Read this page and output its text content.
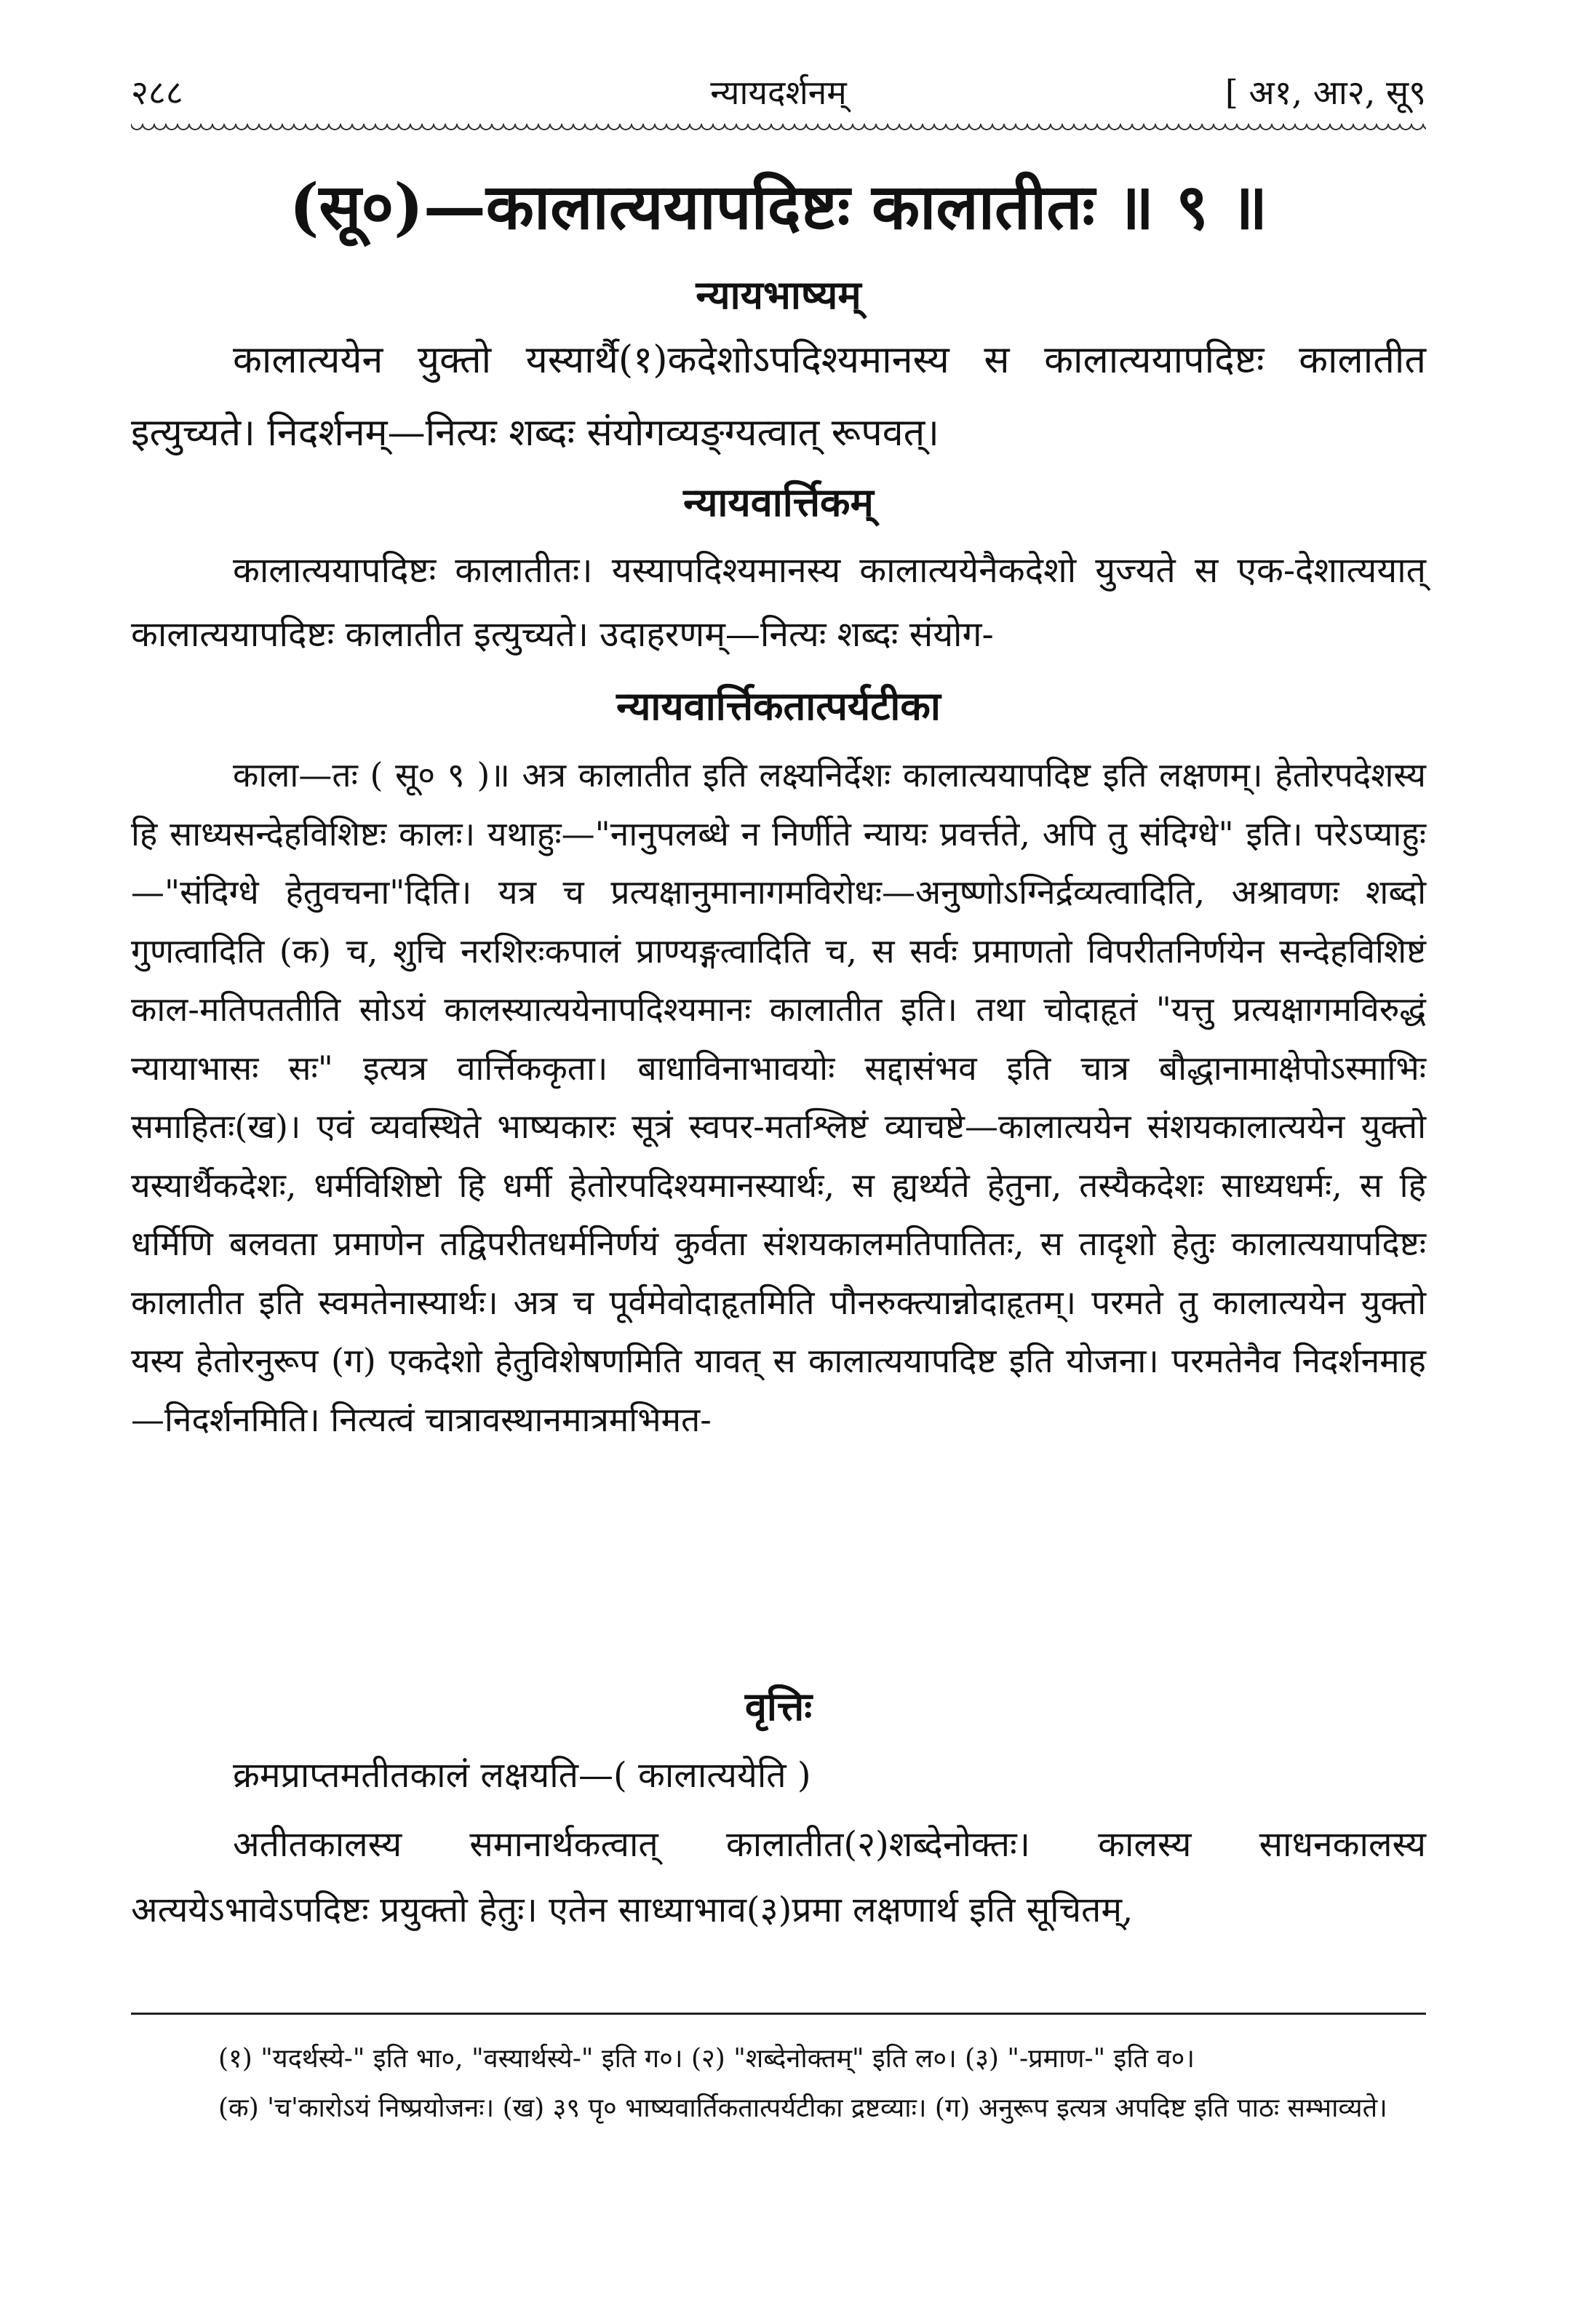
२८८	न्यायदर्शनम्	[ अ१, आ२, सू९
(सू०)—कालात्ययापदिष्टः कालातीतः ॥ ९ ॥
न्यायभाष्यम्
कालात्ययेन युक्तो यस्यार्थै(१)कदेशोऽपदिश्यमानस्य स कालात्ययापदिष्टः कालातीत इत्युच्यते। निदर्शनम्—नित्यः शब्दः संयोगव्यङ्ग्यत्वात् रूपवत्।
न्यायवार्त्तिकम्
कालात्ययापदिष्टः कालातीतः। यस्यापदिश्यमानस्य कालात्ययेनैकदेशो युज्यते स एक-देशात्ययात् कालात्ययापदिष्टः कालातीत इत्युच्यते। उदाहरणम्—नित्यः शब्दः संयोग-
न्यायवार्त्तिकतात्पर्यटीका
काला—तः ( सू० ९ )॥ अत्र कालातीत इति लक्ष्यनिर्देशः कालात्ययापदिष्ट इति लक्षणम्। हेतोरपदेशस्य हि साध्यसन्देहविशिष्टः कालः। यथाहुः—"नानुपलब्धे न निर्णीते न्यायः प्रवर्त्तते, अपि तु संदिग्धे" इति। परेऽप्याहुः—"संदिग्धे हेतुवचना"दिति। यत्र च प्रत्यक्षानुमानागमविरोधः—अनुष्णोऽग्निर्द्रव्यत्वादिति, अश्रावणः शब्दो गुणत्वादिति (क) च, शुचि नरशिरःकपालं प्राण्यङ्गत्वादिति च, स सर्वः प्रमाणतो विपरीतनिर्णयेन सन्देहविशिष्टं काल-मतिपततीति सोऽयं कालस्यात्ययेनापदिश्यमानः कालातीत इति। तथा चोदाहृतं "यत्तु प्रत्यक्षागमविरुद्धं न्यायाभासः सः" इत्यत्र वार्त्तिककृता। बाधाविनाभावयोः सद्दासंभव इति चात्र बौद्धानामाक्षेपोऽस्माभिः समाहितः(ख)। एवं व्यवस्थिते भाष्यकारः सूत्रं स्वपर-मतश्लिष्टं व्याचष्टे—कालात्ययेन संशयकालात्ययेन युक्तो यस्यार्थैकदेशः, धर्मविशिष्टो हि धर्मी हेतोरपदिश्यमानस्यार्थः, स ह्यर्थ्यते हेतुना, तस्यैकदेशः साध्यधर्मः, स हि धर्मिणि बलवता प्रमाणेन तद्विपरीतधर्मनिर्णयं कुर्वता संशयकालमतिपातितः, स तादृशो हेतुः कालात्ययापदिष्टः कालातीत इति स्वमतेनास्यार्थः। अत्र च पूर्वमेवोदाहृतमिति पौनरुक्त्यान्नोदाहृतम्। परमते तु कालात्ययेन युक्तो यस्य हेतोरनुरूप (ग) एकदेशो हेतुविशेषणमिति यावत् स कालात्ययापदिष्ट इति योजना। परमतेनैव निदर्शनमाह—निदर्शनमिति। नित्यत्वं चात्रावस्थानमात्रमभिमत-
वृत्तिः
क्रमप्राप्तमतीतकालं लक्षयति—( कालात्ययेति )
अतीतकालस्य समानार्थकत्वात् कालातीत(२)शब्देनोक्तः। कालस्य साधनकालस्य अत्ययेऽभावेऽपदिष्टः प्रयुक्तो हेतुः। एतेन साध्याभाव(३)प्रमा लक्षणार्थ इति सूचितम्,

(१) "यदर्थस्ये-" इति भा०, "वस्यार्थस्ये-" इति ग०। (२) "शब्देनोक्तम्" इति ल०। (३) "-प्रमाण-" इति व०।

(क) 'च'कारोऽयं निष्प्रयोजनः। (ख) ३९ पृ० भाष्यवार्तिकतात्पर्यटीका द्रष्टव्याः। (ग) अनुरूप इत्यत्र अपदिष्ट इति पाठः सम्भाव्यते।
